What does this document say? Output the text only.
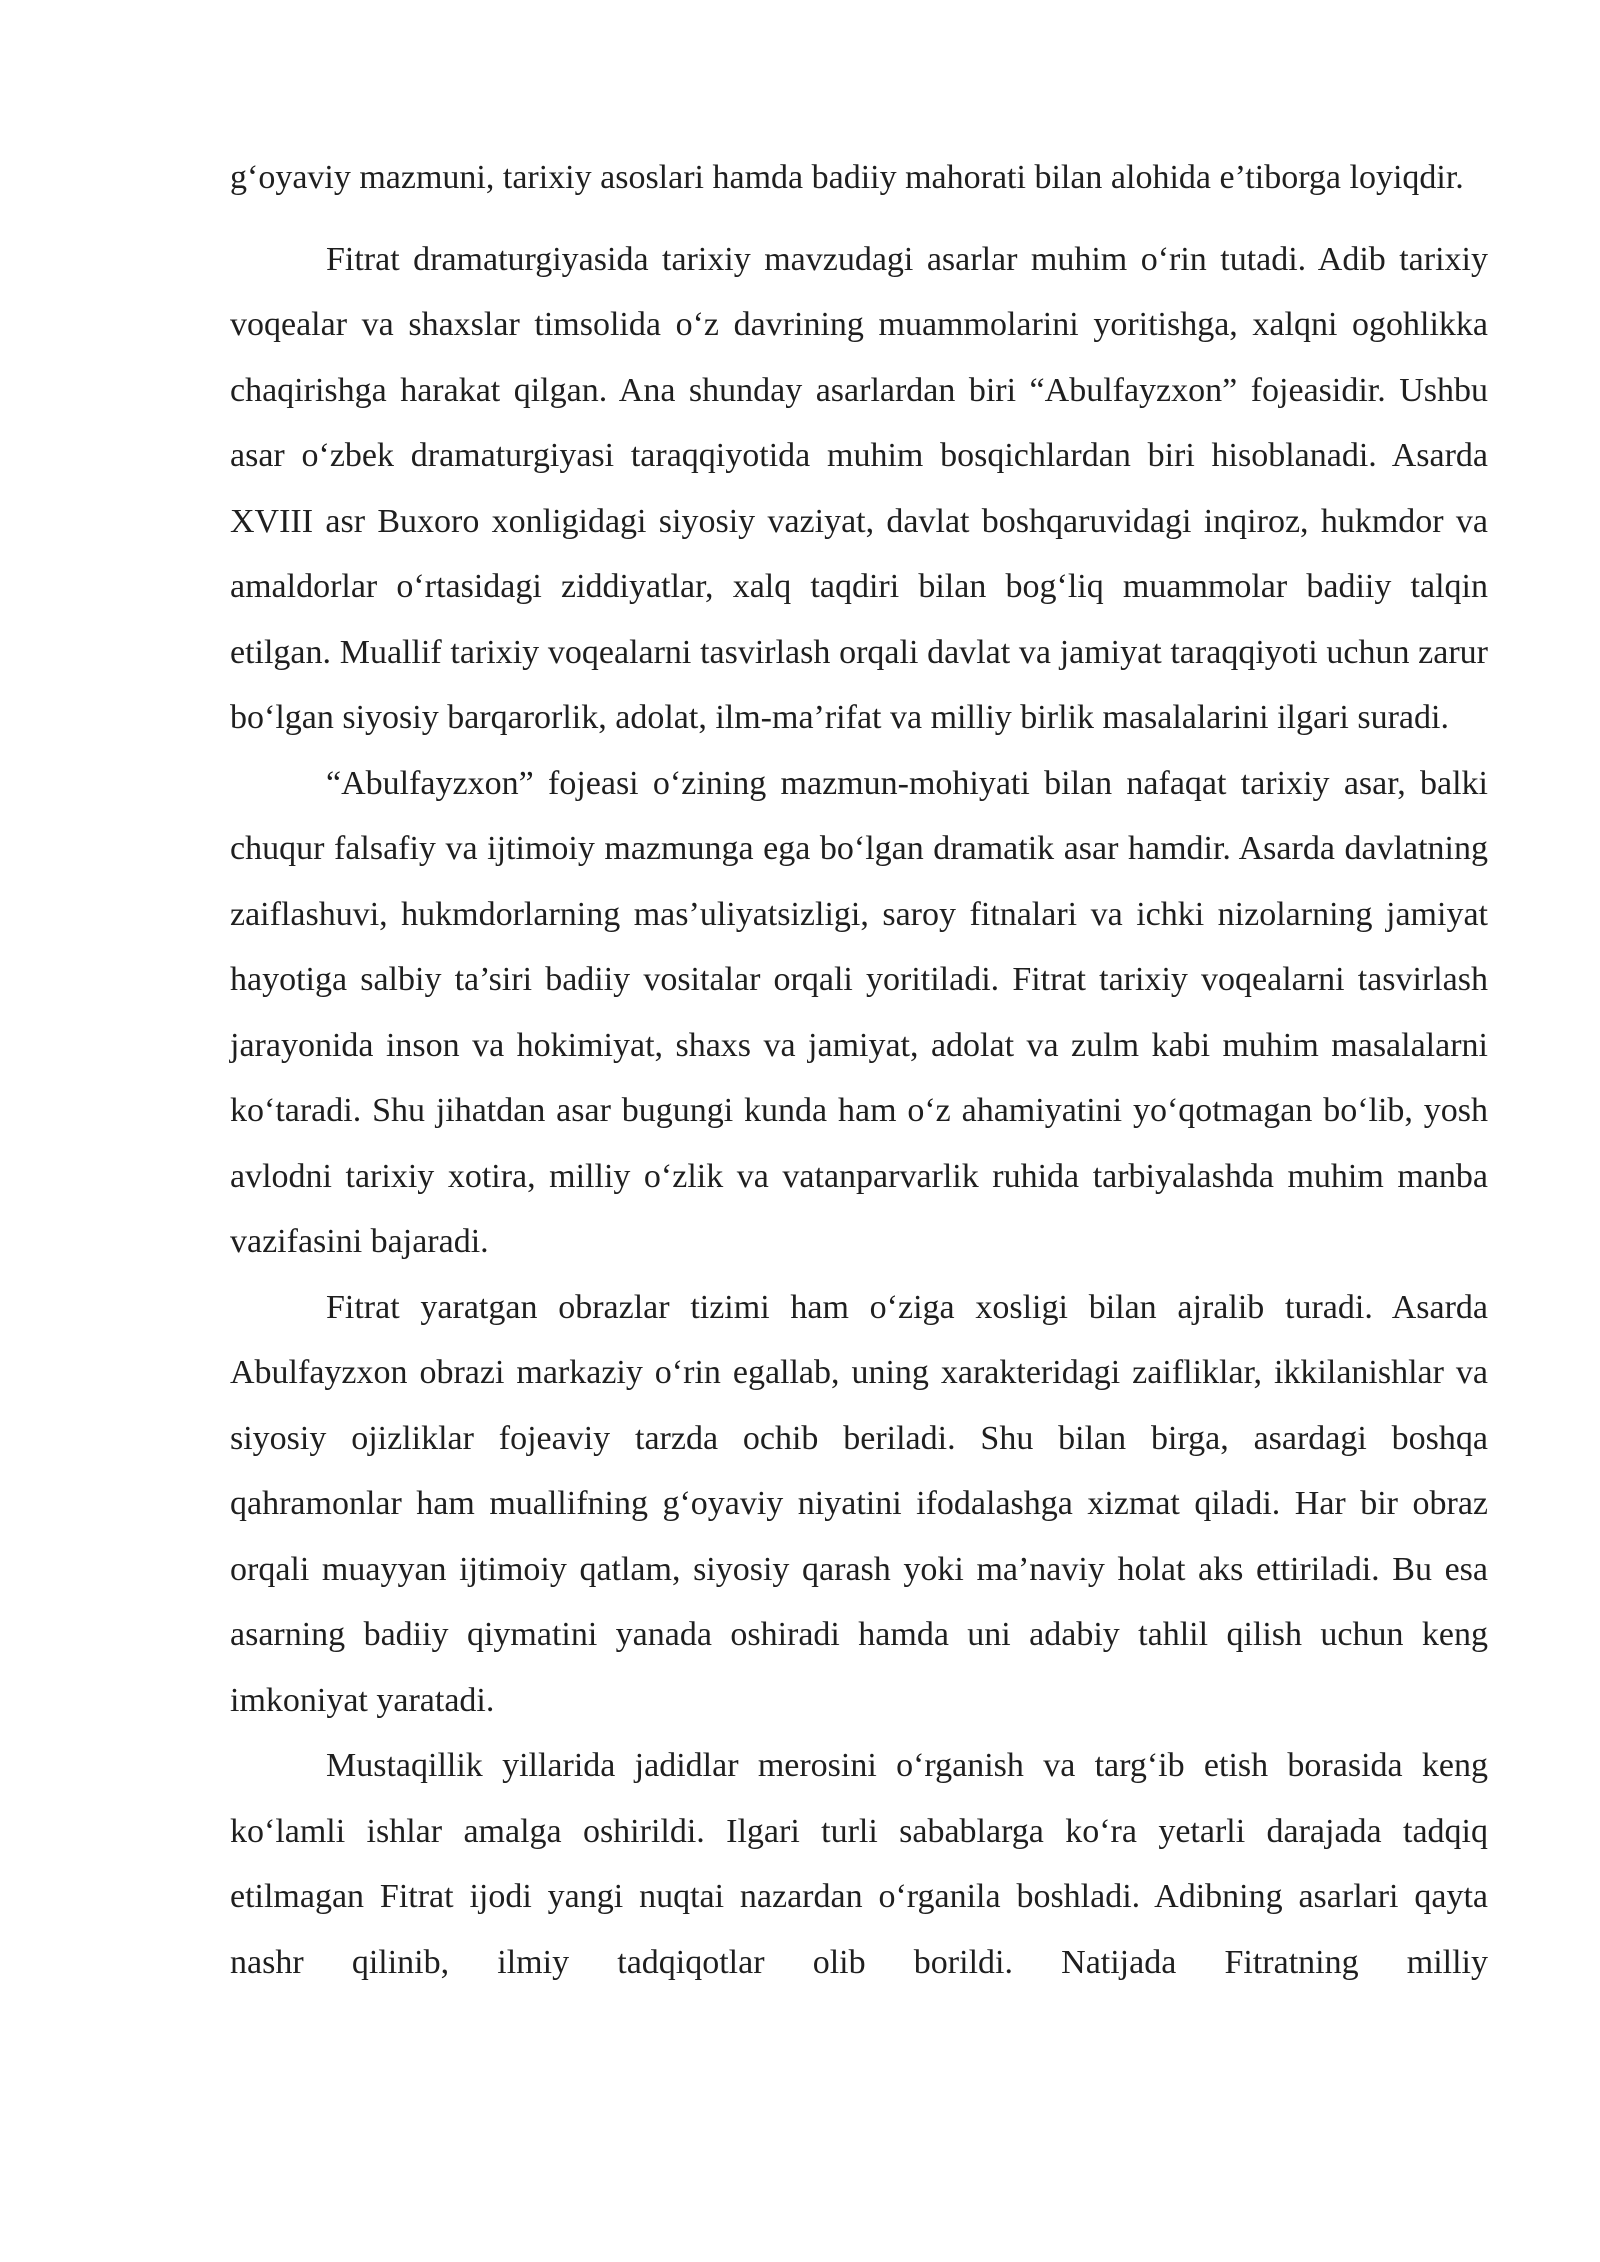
g‘oyaviy mazmuni, tarixiy asoslari hamda badiiy mahorati bilan alohida e’tiborga loyiqdir.

Fitrat dramaturgiyasida tarixiy mavzudagi asarlar muhim o‘rin tutadi. Adib tarixiy voqealar va shaxslar timsolida o‘z davrining muammolarini yoritishga, xalqni ogohlikka chaqirishga harakat qilgan. Ana shunday asarlardan biri “Abulfayzxon” fojeasidir. Ushbu asar o‘zbek dramaturgiyasi taraqqiyotida muhim bosqichlardan biri hisoblanadi. Asarda XVIII asr Buxoro xonligidagi siyosiy vaziyat, davlat boshqaruvidagi inqiroz, hukmdor va amaldorlar o‘rtasidagi ziddiyatlar, xalq taqdiri bilan bog‘liq muammolar badiiy talqin etilgan. Muallif tarixiy voqealarni tasvirlash orqali davlat va jamiyat taraqqiyoti uchun zarur bo‘lgan siyosiy barqarorlik, adolat, ilm-ma’rifat va milliy birlik masalalarini ilgari suradi.

“Abulfayzxon” fojeasi o‘zining mazmun-mohiyati bilan nafaqat tarixiy asar, balki chuqur falsafiy va ijtimoiy mazmunga ega bo‘lgan dramatik asar hamdir. Asarda davlatning zaiflashuvi, hukmdorlarning mas’uliyatsizligi, saroy fitnalari va ichki nizolarning jamiyat hayotiga salbiy ta’siri badiiy vositalar orqali yoritiladi. Fitrat tarixiy voqealarni tasvirlash jarayonida inson va hokimiyat, shaxs va jamiyat, adolat va zulm kabi muhim masalalarni ko‘taradi. Shu jihatdan asar bugungi kunda ham o‘z ahamiyatini yo‘qotmagan bo‘lib, yosh avlodni tarixiy xotira, milliy o‘zlik va vatanparvarlik ruhida tarbiyalashda muhim manba vazifasini bajaradi.

Fitrat yaratgan obrazlar tizimi ham o‘ziga xosligi bilan ajralib turadi. Asarda Abulfayzxon obrazi markaziy o‘rin egallab, uning xarakteridagi zaifliklar, ikkilanishlar va siyosiy ojizliklar fojeaviy tarzda ochib beriladi. Shu bilan birga, asardagi boshqa qahramonlar ham muallifning g‘oyaviy niyatini ifodalashga xizmat qiladi. Har bir obraz orqali muayyan ijtimoiy qatlam, siyosiy qarash yoki ma’naviy holat aks ettiriladi. Bu esa asarning badiiy qiymatini yanada oshiradi hamda uni adabiy tahlil qilish uchun keng imkoniyat yaratadi.

Mustaqillik yillarida jadidlar merosini o‘rganish va targ‘ib etish borasida keng ko‘lamli ishlar amalga oshirildi. Ilgari turli sabablarga ko‘ra yetarli darajada tadqiq etilmagan Fitrat ijodi yangi nuqtai nazardan o‘rganila boshladi. Adibning asarlari qayta nashr qilinib, ilmiy tadqiqotlar olib borildi. Natijada Fitratning milliy
